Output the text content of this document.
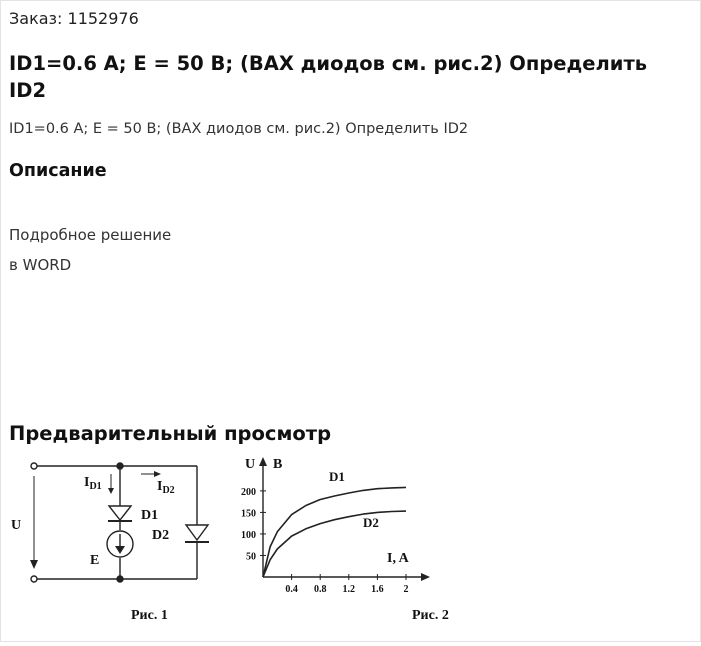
Заказ: 1152976
ID1=0.6 А; E = 50 В; (ВАХ диодов см. рис.2) Определить ID2
ID1=0.6 А; E = 50 В; (ВАХ диодов см. рис.2) Определить ID2
Описание
Подробное решение
в WORD
Предварительный просмотр
U
$I_{D1}$	$I_{D2}$
D1
D2
E
Рис. 1
U B
I, A
D1
D2
0.4 0.8 1.2 1.6 2
50
100
150
200
Рис. 2
